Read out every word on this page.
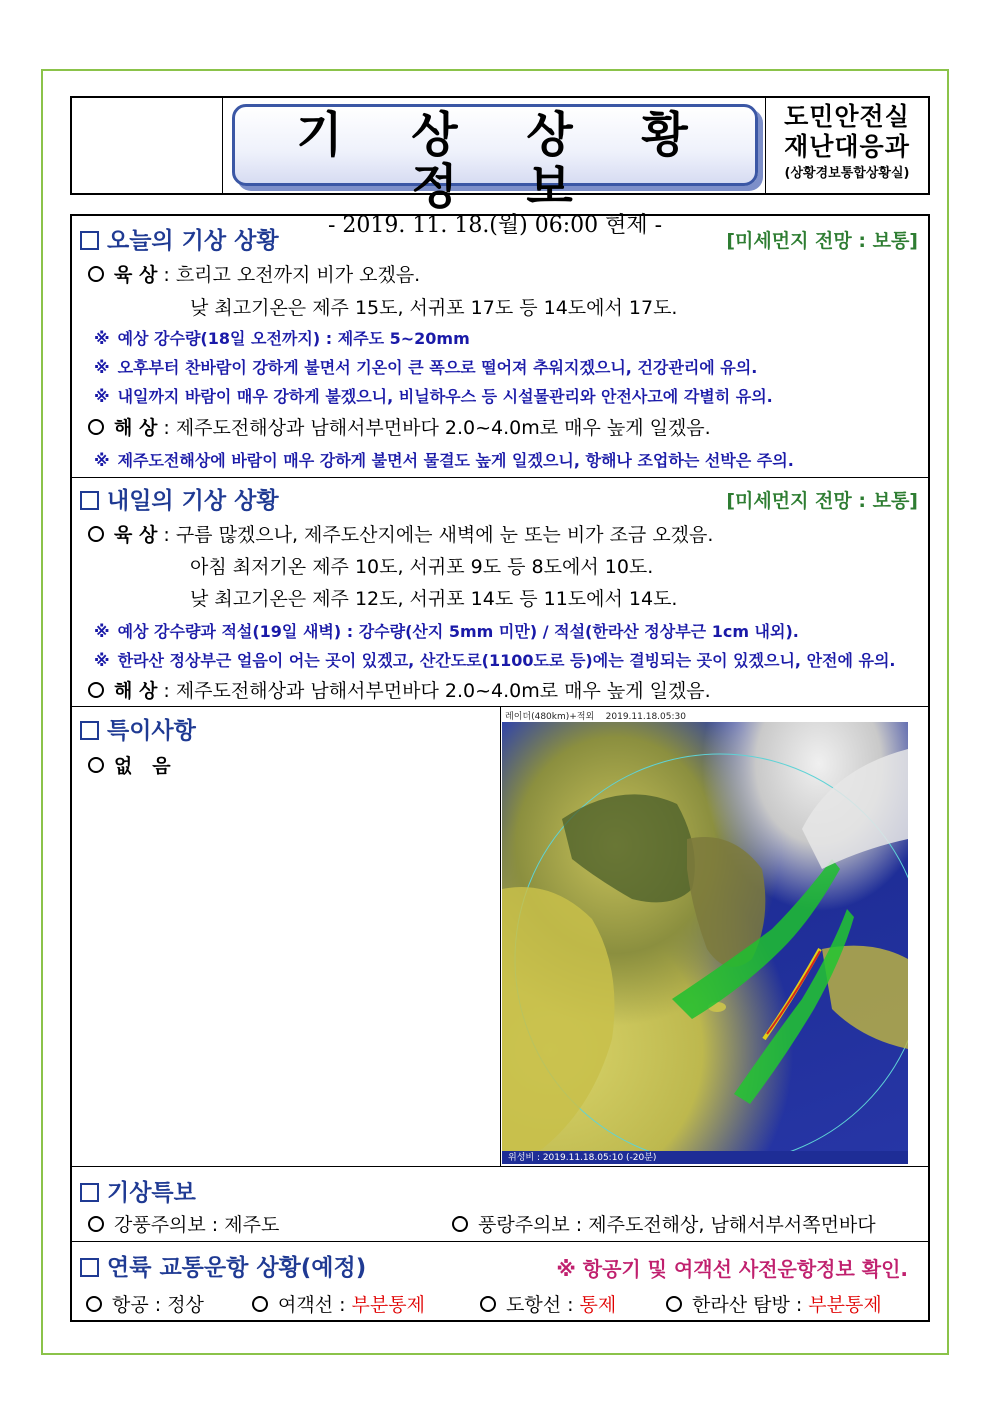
기 상 상 황 정 보
- 2019. 11. 18.(월) 06:00 현제 -
도민안전실
재난대응과
(상황경보통합상황실)
오늘의 기상 상황	[미세먼지 전망 : 보통]
육 상 : 흐리고 오전까지 비가 오겠음.
낮 최고기온은 제주 15도, 서귀포 17도 등 14도에서 17도.
※ 예상 강수량(18일 오전까지) : 제주도 5~20mm
※ 오후부터 찬바람이 강하게 불면서 기온이 큰 폭으로 떨어져 추워지겠으니, 건강관리에 유의.
※ 내일까지 바람이 매우 강하게 불겠으니, 비닐하우스 등 시설물관리와 안전사고에 각별히 유의.
해 상 : 제주도전해상과 남해서부먼바다 2.0~4.0m로 매우 높게 일겠음.
※ 제주도전해상에 바람이 매우 강하게 불면서 물결도 높게 일겠으니, 항해나 조업하는 선박은 주의.
내일의 기상 상황	[미세먼지 전망 : 보통]
육 상 : 구름 많겠으나, 제주도산지에는 새벽에 눈 또는 비가 조금 오겠음.
아침 최저기온 제주 10도, 서귀포 9도 등 8도에서 10도.
낮 최고기온은 제주 12도, 서귀포 14도 등 11도에서 14도.
※ 예상 강수량과 적설(19일 새벽) : 강수량(산지 5mm 미만) / 적설(한라산 정상부근 1cm 내외).
※ 한라산 정상부근 얼음이 어는 곳이 있겠고, 산간도로(1100도로 등)에는 결빙되는 곳이 있겠으니, 안전에 유의.
해 상 : 제주도전해상과 남해서부먼바다 2.0~4.0m로 매우 높게 일겠음.
특이사항
없   음
레이더(480km)+적외    2019.11.18.05:30
위성비 : 2019.11.18.05:10 (-20분)
기상특보
강풍주의보 : 제주도	풍랑주의보 : 제주도전해상, 남해서부서쪽먼바다
연륙 교통운항 상황(예정)	※ 항공기 및 여객선 사전운항정보 확인.
항공 : 정상	여객선 : 부분통제	도항선 : 통제	한라산 탐방 : 부분통제
